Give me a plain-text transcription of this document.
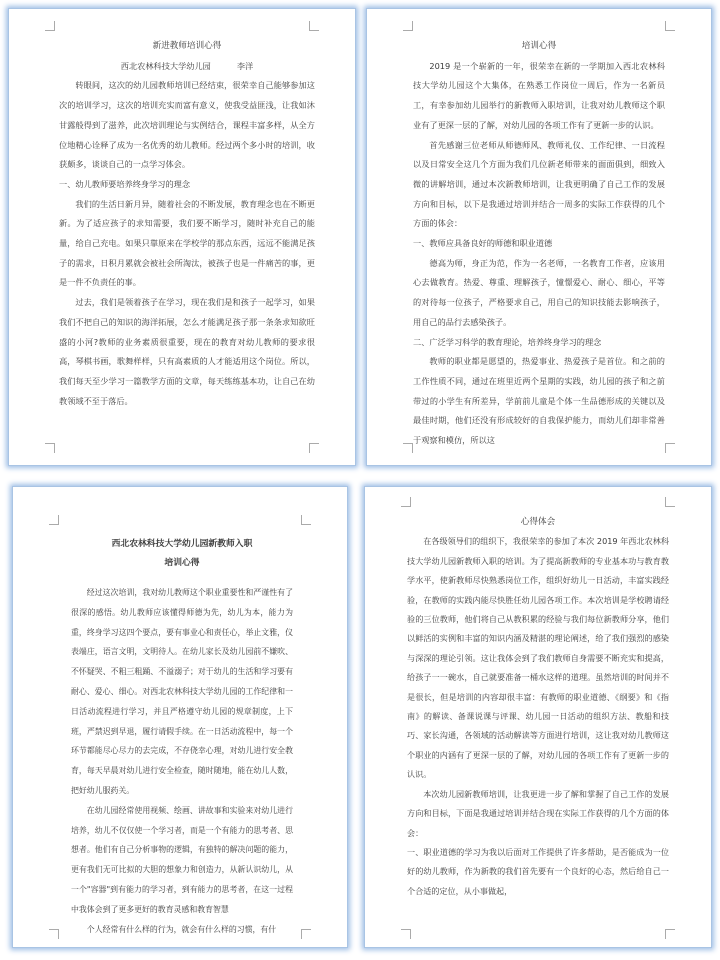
新进教师培训心得

西北农林科技大学幼儿园          李洋

转眼间，这次的幼儿园教师培训已经结束，很荣幸自己能够参加这次的培训学习，这次的培训充实而富有意义，使我受益匪浅，让我如沐甘露般得到了滋养，此次培训理论与实例结合，课程丰富多样，从全方位地精心诠释了成为一名优秀的幼儿教师。经过两个多小时的培训，收获颇多，谈谈自己的一点学习体会。

一、幼儿教师要培养终身学习的理念

我们的生活日新月异，随着社会的不断发展，教育理念也在不断更新。为了适应孩子的求知需要，我们要不断学习，随时补充自己的能量，给自己充电。如果只靠原来在学校学的那点东西，远远不能满足孩子的需求，日积月累就会被社会所淘汰，被孩子也是一件痛苦的事，更是一件不负责任的事。

过去，我们是领着孩子在学习，现在我们是和孩子一起学习，如果我们不把自己的知识的海洋拓展，怎么才能满足孩子那一条条求知欲旺盛的小河?教师的业务素质很重要，现在的教育对幼儿教师的要求很高，琴棋书画，歌舞样样，只有高素质的人才能适用这个岗位。所以，我们每天至少学习一篇教学方面的文章，每天练练基本功，让自己在幼教领域不至于落后。

培训心得

2019 是一个崭新的一年，很荣幸在新的一学期加入西北农林科技大学幼儿园这个大集体，在熟悉工作岗位一周后，作为一名新员工，有幸参加幼儿园举行的新教师入职培训，让我对幼儿教师这个职业有了更深一层的了解，对幼儿园的各项工作有了更新一步的认识。

首先感谢三位老师从师德师风、教师礼仪、工作纪律、一日流程以及日常安全这几个方面为我们几位新老师带来的面面俱到，细致入微的讲解培训，通过本次新教师培训，让我更明确了自己工作的发展方向和目标，以下是我通过培训并结合一周多的实际工作获得的几个方面的体会：

一、教师应具备良好的师德和职业道德

德高为师，身正为范，作为一名老师，一名教育工作者，应该用心去做教育。热爱、尊重、理解孩子，憧憬爱心、耐心、细心，平等的对待每一位孩子，严格要求自己，用自己的知识技能去影响孩子，用自己的品行去感染孩子。

二、广泛学习科学的教育理论，培养终身学习的理念

教师的职业都是愿望的，热爱事业、热爱孩子是首位。和之前的工作性质不同，通过在班里近两个星期的实践，幼儿园的孩子和之前带过的小学生有所差异，学前前儿童是个体一生品德形成的关键以及最佳时期，他们还没有形成较好的自我保护能力，而幼儿们却非常善于观察和模仿，所以这

西北农林科技大学幼儿园新教师入职
培训心得

经过这次培训，我对幼儿教师这个职业重要性和严谨性有了很深的感悟。幼儿教师应该懂得师德为先，幼儿为本，能力为重，终身学习这四个要点，要有事业心和责任心，举止文雅，仪表端庄，语言文明，文明待人。在幼儿家长及幼儿园前不嫌吹、不怀疑哭、不粗三粗踊、不溢溺子；对于幼儿的生活和学习要有耐心、爱心、细心。对西北农林科技大学幼儿园的工作纪律和一日活动流程进行学习，并且严格遵守幼儿园的规章制度，上下班，严禁迟到早退，履行请假手续。在一日活动流程中，每一个环节都能尽心尽力的去完成，不存侥幸心理，对幼儿进行安全教育，每天早晨对幼儿进行安全检查，随时随地，能在幼儿人数，把好幼儿服药关。

在幼儿园经常使用视频、绘画、讲故事和实验来对幼儿进行培养，幼儿不仅仅使一个学习者，而是一个有能力的思考者、思想者。他们有自己分析事物的逻辑，有独特的解决问题的能力，更有我们无可比拟的大胆的想象力和创造力，从新认识幼儿，从一个"容器"到有能力的学习者，到有能力的思考者，在这一过程中我体会到了更多更好的教育灵感和教育智慧

个人经常有什么样的行为，就会有什么样的习惯，有什

心得体会

在各级领导们的组织下，我很荣幸的参加了本次 2019 年西北农林科技大学幼儿园新教师入职的培训。为了提高新教师的专业基本功与教育教学水平，使新教师尽快熟悉岗位工作，组织好幼儿一日活动，丰富实践经验，在教师的实践内能尽快胜任幼儿园各项工作。本次培训是学校聘请经验的三位教师，他们将自己从教积累的经验与我们每位新教师分享，他们以鲜活的实例和丰富的知识内涵及精湛的理论阐述，给了我们强烈的感染与深深的理论引领。这让我体会到了我们教师自身需要不断充实和提高，给孩子一一碗水，自己就要准备一桶水这样的道理。虽然培训的时间并不是很长，但是培训的内容却很丰富：有教师的职业道德、《纲要》和《指南》的解读、备课说课与评课、幼儿园一日活动的组织方法、教船和技巧、家长沟通，各领域的活动解读等方面进行培训，这让我对幼儿教师这个职业的内涵有了更深一层的了解，对幼儿园的各项工作有了更新一步的认识。

本次幼儿园新教师培训，让我更进一步了解和掌握了自己工作的发展方向和目标，下面是我通过培训并结合现在实际工作获得的几个方面的体会：

一、职业道德的学习为我以后面对工作提供了许多帮助，是否能成为一位好的幼儿教师，作为新教的我们首先要有一个良好的心态，然后给自己一个合适的定位，从小事做起，
